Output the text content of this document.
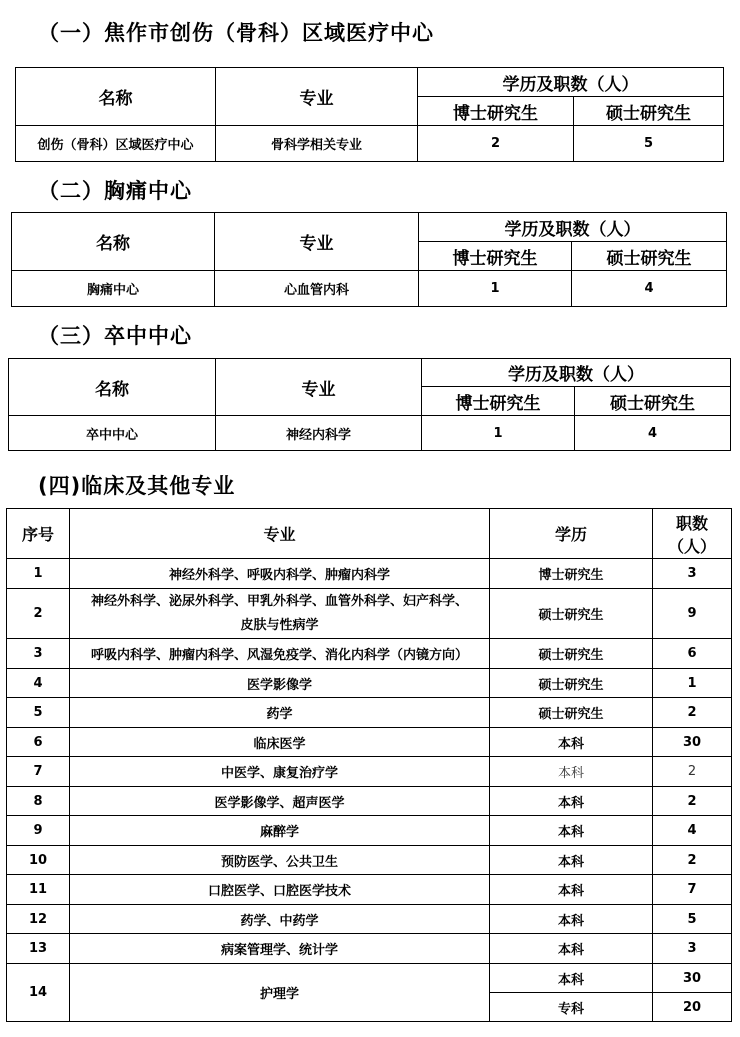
（一）焦作市创伤（骨科）区域医疗中心
名称	专业	学历及职数（人）	
		博士研究生	硕士研究生
创伤（骨科）区域医疗中心	骨科学相关专业	2	5
（二）胸痛中心
名称	专业	学历及职数（人）	
		博士研究生	硕士研究生
胸痛中心	心血管内科	1	4
（三）卒中中心
名称	专业	学历及职数（人）	
		博士研究生	硕士研究生
卒中中心	神经内科学	1	4
(四)临床及其他专业
序号	专业	学历	职数
（人）

1	神经外科学、呼吸内科学、肿瘤内科学	博士研究生	3
2	神经外科学、泌尿外科学、甲乳外科学、血管外科学、妇产科学、
皮肤与性病学	硕士研究生	9
3	呼吸内科学、肿瘤内科学、风湿免疫学、消化内科学（内镜方向）	硕士研究生	6
4	医学影像学	硕士研究生	1
5	药学	硕士研究生	2
6	临床医学	本科	30
7	中医学、康复治疗学	本科	2
8	医学影像学、超声医学	本科	2
9	麻醉学	本科	4
10	预防医学、公共卫生	本科	2
11	口腔医学、口腔医学技术	本科	7
12	药学、中药学	本科	5
13	病案管理学、统计学	本科	3
14	护理学	本科	30
		专科	20
